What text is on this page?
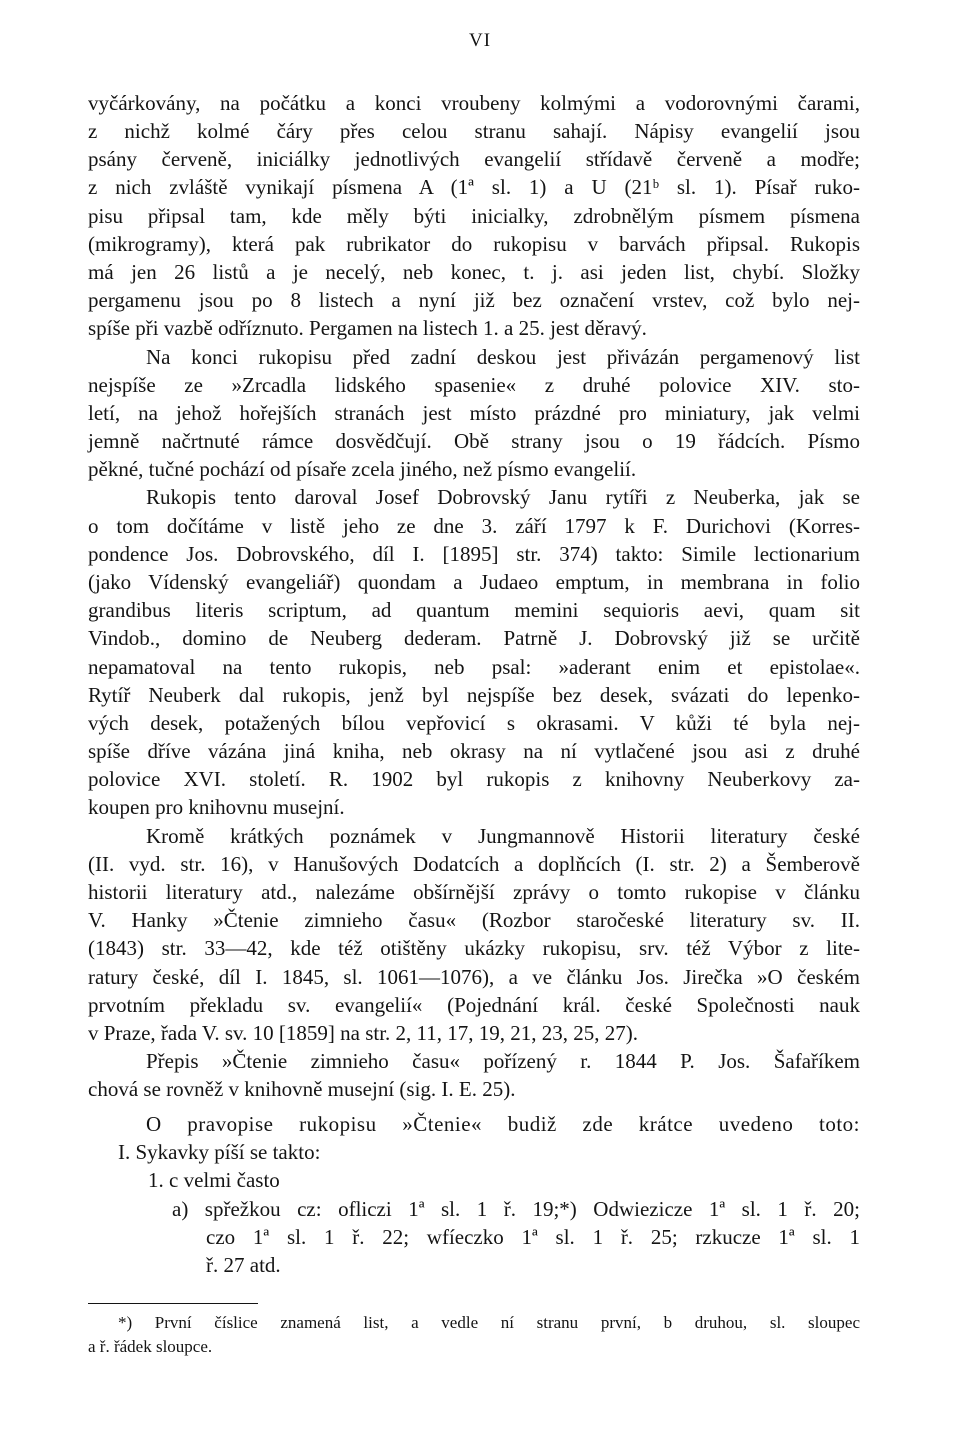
VI
vyčárkovány, na počátku a konci vroubeny kolmými a vodorovnými čarami,
z nichž kolmé čáry přes celou stranu sahají. Nápisy evangelií jsou
psány červeně, iniciálky jednotlivých evangelií střídavě červeně a modře;
z nich zvláště vynikají písmena A (1ª sl. 1) a U (21ᵇ sl. 1). Písař ruko-
pisu připsal tam, kde měly býti inicialky, zdrobnělým písmem písmena
(mikrogramy), která pak rubrikator do rukopisu v barvách připsal. Rukopis
má jen 26 listů a je necelý, neb konec, t. j. asi jeden list, chybí. Složky
pergamenu jsou po 8 listech a nyní již bez označení vrstev, což bylo nej-
spíše při vazbě odříznuto. Pergamen na listech 1. a 25. jest děravý.
Na konci rukopisu před zadní deskou jest přivázán pergamenový list
nejspíše ze »Zrcadla lidského spasenie« z druhé polovice XIV. sto-
letí, na jehož hořejších stranách jest místo prázdné pro miniatury, jak velmi
jemně načrtnuté rámce dosvědčují. Obě strany jsou o 19 řádcích. Písmo
pěkné, tučné pochází od písaře zcela jiného, než písmo evangelií.
Rukopis tento daroval Josef Dobrovský Janu rytíři z Neuberka, jak se
o tom dočítáme v listě jeho ze dne 3. září 1797 k F. Durichovi (Korres-
pondence Jos. Dobrovského, díl I. [1895] str. 374) takto: Simile lectionarium
(jako Vídenský evangeliář) quondam a Judaeo emptum, in membrana in folio
grandibus literis scriptum, ad quantum memini sequioris aevi, quam sit
Vindob., domino de Neuberg dederam. Patrně J. Dobrovský již se určitě
nepamatoval na tento rukopis, neb psal: »aderant enim et epistolae«.
Rytíř Neuberk dal rukopis, jenž byl nejspíše bez desek, svázati do lepenko-
vých desek, potažených bílou vepřovicí s okrasami. V kůži té byla nej-
spíše dříve vázána jiná kniha, neb okrasy na ní vytlačené jsou asi z druhé
polovice XVI. století. R. 1902 byl rukopis z knihovny Neuberkovy za-
koupen pro knihovnu musejní.
Kromě krátkých poznámek v Jungmannově Historii literatury české
(II. vyd. str. 16), v Hanušových Dodatcích a doplňcích (I. str. 2) a Šemberově
historii literatury atd., nalezáme obšírnější zprávy o tomto rukopise v článku
V. Hanky »Čtenie zimnieho času« (Rozbor staročeské literatury sv. II.
(1843) str. 33—42, kde též otištěny ukázky rukopisu, srv. též Výbor z lite-
ratury české, díl I. 1845, sl. 1061—1076), a ve článku Jos. Jirečka »O českém
prvotním překladu sv. evangelií« (Pojednání král. české Společnosti nauk
v Praze, řada V. sv. 10 [1859] na str. 2, 11, 17, 19, 21, 23, 25, 27).
Přepis »Čtenie zimnieho času« pořízený r. 1844 P. Jos. Šafaříkem
chová se rovněž v knihovně musejní (sig. I. E. 25).
O pravopise rukopisu »Čtenie« budiž zde krátce uvedeno toto:
I. Sykavky píší se takto:
1. c velmi často
a) spřežkou cz: ofliczi 1ª sl. 1 ř. 19;*) Odwiezicze 1ª sl. 1 ř. 20;
czo 1ª sl. 1 ř. 22; wfíeczko 1ª sl. 1 ř. 25; rzkucze 1ª sl. 1
ř. 27 atd.
*) První číslice znamená list, a vedle ní stranu první, b druhou, sl. sloupec
a ř. řádek sloupce.
